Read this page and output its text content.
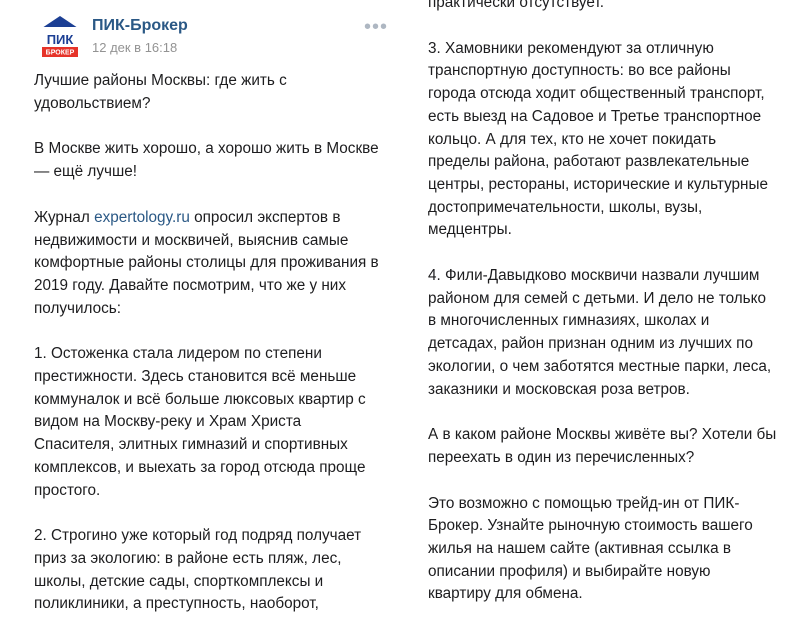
ПИК
БРОКЕР
ПИК-Брокер
12 дек в 16:18
•••

Лучшие районы Москвы: где жить с
удовольствием?

В Москве жить хорошо, а хорошо жить в Москве
— ещё лучше!

Журнал expertology.ru опросил экспертов в
недвижимости и москвичей, выяснив самые
комфортные районы столицы для проживания в
2019 году. Давайте посмотрим, что же у них
получилось:

1. Остоженка стала лидером по степени
престижности. Здесь становится всё меньше
коммуналок и всё больше люксовых квартир с
видом на Москву-реку и Храм Христа
Спасителя, элитных гимназий и спортивных
комплексов, и выехать за город отсюда проще
простого.

2. Строгино уже который год подряд получает
приз за экологию: в районе есть пляж, лес,
школы, детские сады, спорткомплексы и
поликлиники, а преступность, наоборот,

практически отсутствует.

3. Хамовники рекомендуют за отличную
транспортную доступность: во все районы
города отсюда ходит общественный транспорт,
есть выезд на Садовое и Третье транспортное
кольцо. А для тех, кто не хочет покидать
пределы района, работают развлекательные
центры, рестораны, исторические и культурные
достопримечательности, школы, вузы,
медцентры.

4. Фили-Давыдково москвичи назвали лучшим
районом для семей с детьми. И дело не только
в многочисленных гимназиях, школах и
детсадах, район признан одним из лучших по
экологии, о чем заботятся местные парки, леса,
заказники и московская роза ветров.

А в каком районе Москвы живёте вы? Хотели бы
переехать в один из перечисленных?

Это возможно с помощью трейд-ин от ПИК-
Брокер. Узнайте рыночную стоимость вашего
жилья на нашем сайте (активная ссылка в
описании профиля) и выбирайте новую
квартиру для обмена.
